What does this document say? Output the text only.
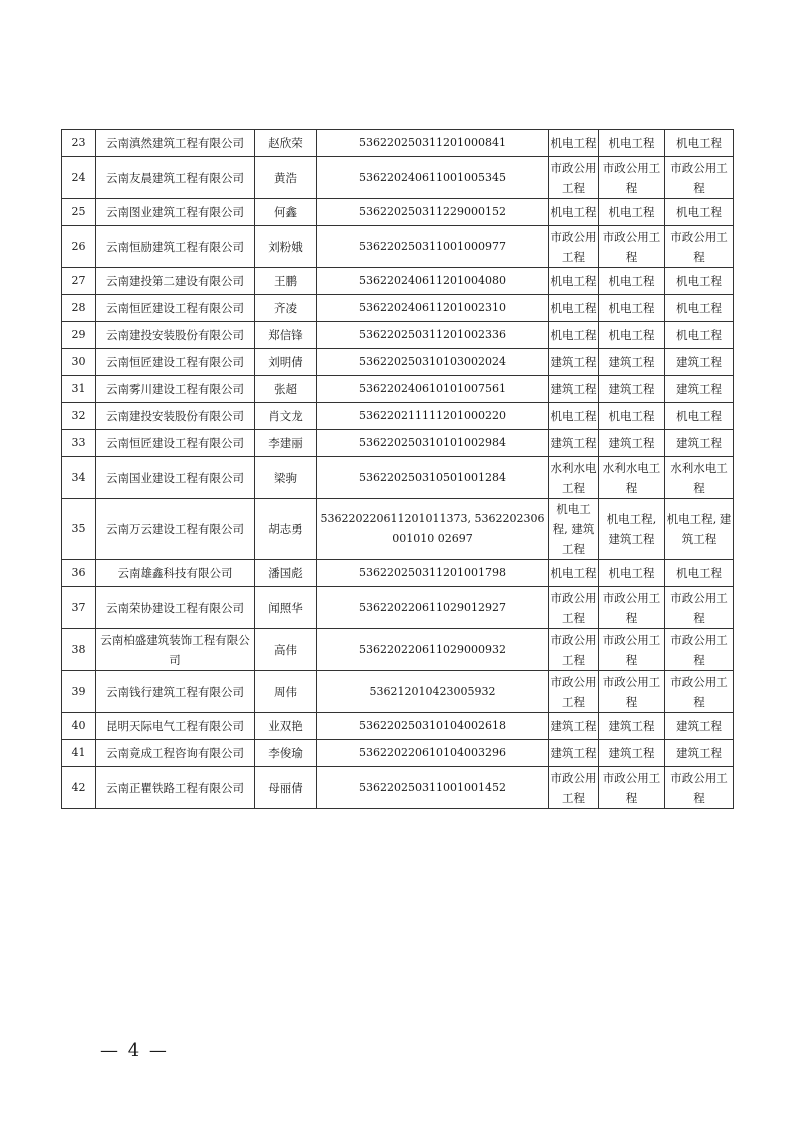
23	云南滇然建筑工程有限公司	赵欣荣	53622025031120100084​1	机电工程	机电工程	机电工程
24	云南友晨建筑工程有限公司	黄浩	53622024061100100534​5	市政公用工程	市政公用工程	市政公用工程
25	云南图业建筑工程有限公司	何鑫	53622025031122900015​2	机电工程	机电工程	机电工程
26	云南恒励建筑工程有限公司	刘粉娥	53622025031100100097​7	市政公用工程	市政公用工程	市政公用工程
27	云南建投第二建设有限公司	王鹏	53622024061120100408​0	机电工程	机电工程	机电工程
28	云南恒匠建设工程有限公司	齐凌	53622024061120100231​0	机电工程	机电工程	机电工程
29	云南建投安装股份有限公司	郑信锋	53622025031120100233​6	机电工程	机电工程	机电工程
30	云南恒匠建设工程有限公司	刘明倩	53622025031010300202​4	建筑工程	建筑工程	建筑工程
31	云南雾川建设工程有限公司	张超	53622024061010100756​1	建筑工程	建筑工程	建筑工程
32	云南建投安装股份有限公司	肖文龙	53622021111120100022​0	机电工程	机电工程	机电工程
33	云南恒匠建设工程有限公司	李建丽	53622025031010100298​4	建筑工程	建筑工程	建筑工程
34	云南国业建设工程有限公司	梁驹	53622025031050100128​4	水利水电工程	水利水电工程	水利水电工程
35	云南万云建设工程有限公司	胡志勇	536220220611201011373, 5362202306001010 02697	机电工程, 建筑工程	机电工程, 建筑工程	机电工程, 建筑工程
36	云南雄鑫科技有限公司	潘国彪	53622025031120100179​8	机电工程	机电工程	机电工程
37	云南荣协建设工程有限公司	闻照华	53622022061102901292​7	市政公用工程	市政公用工程	市政公用工程
38	云南柏盛建筑装饰工程有限公司	高伟	53622022061102900093​2	市政公用工程	市政公用工程	市政公用工程
39	云南钱行建筑工程有限公司	周伟	53621201042300593​2	市政公用工程	市政公用工程	市政公用工程
40	昆明天际电气工程有限公司	业双艳	53622025031010400261​8	建筑工程	建筑工程	建筑工程
41	云南竟成工程咨询有限公司	李俊瑜	53622022061010400329​6	建筑工程	建筑工程	建筑工程
42	云南正瞿铁路工程有限公司	母丽倩	53622025031100100145​2	市政公用工程	市政公用工程	市政公用工程
— 4 —
